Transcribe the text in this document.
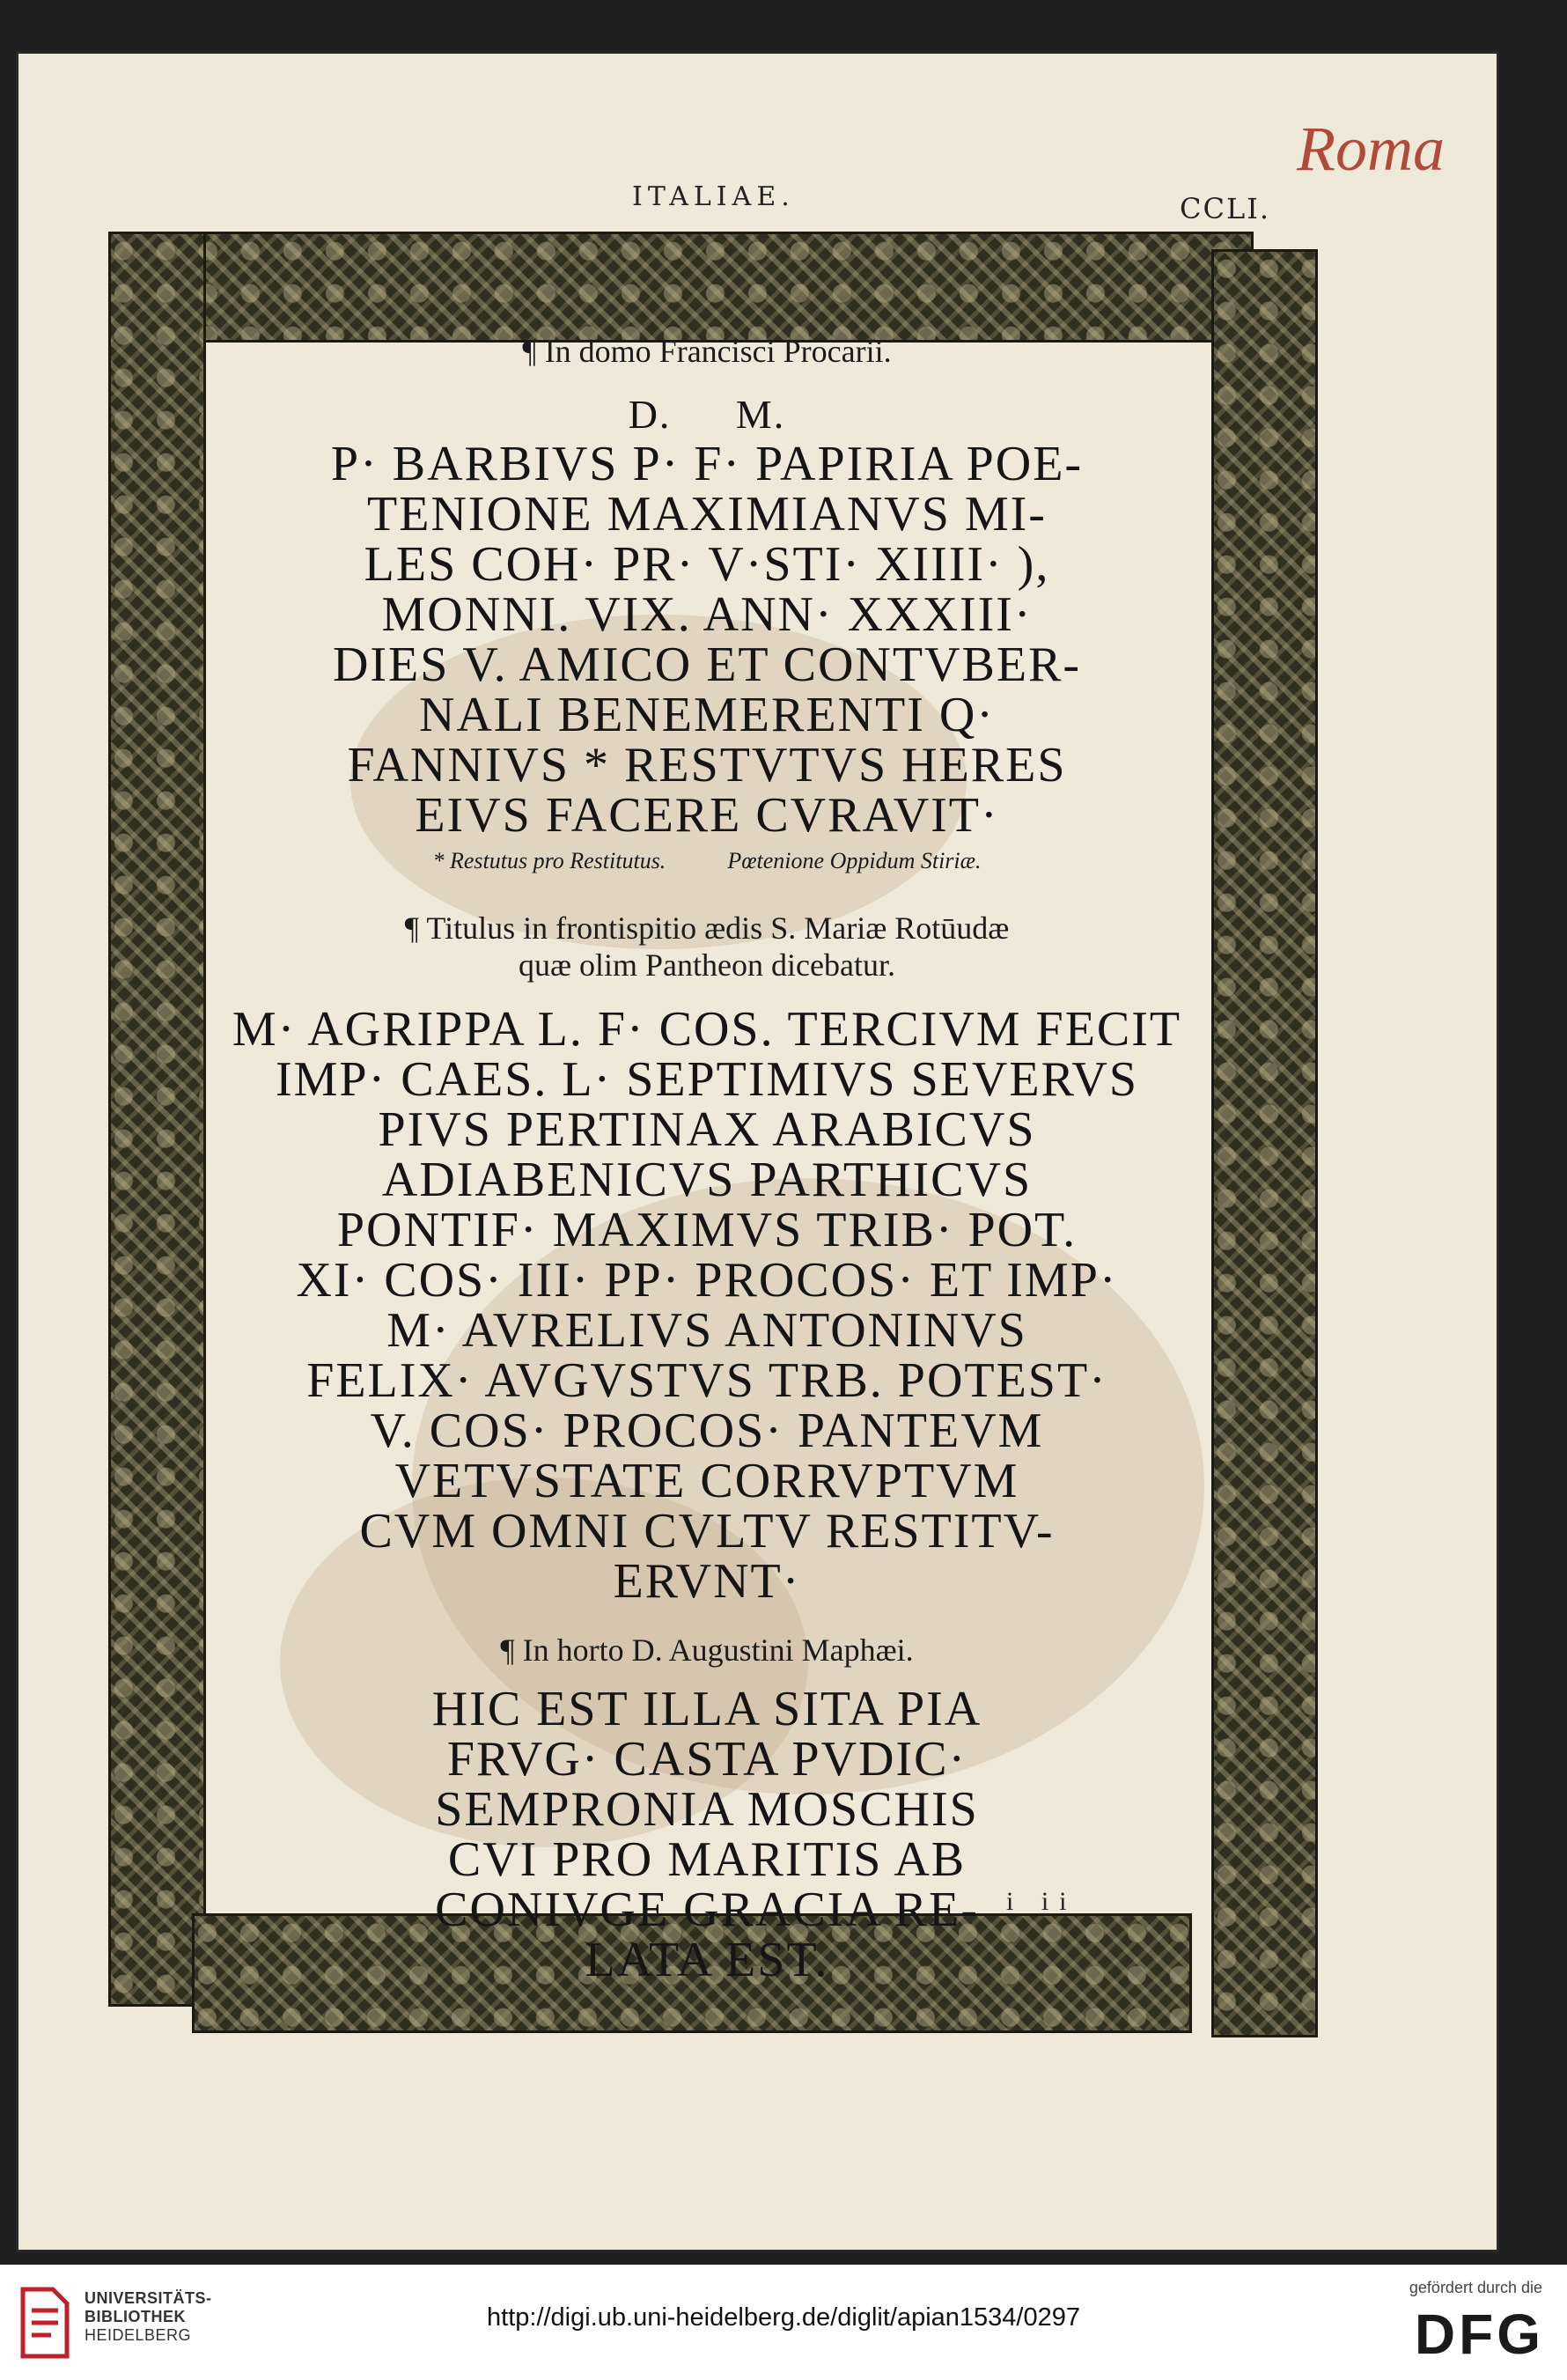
ITALIAE.	CCLI.
Roma

¶ In domo Francisci Procarii.

D. M.

P· BARBIVS P· F· PAPIRIA POE-

TENIONE MAXIMIANVS MI-

LES COH· PR· V·STI· XIIII· ),

MONNI. VIX. ANN· XXXIII·

DIES V. AMICO ET CONTVBER-

NALI BENEMERENTI Q·

FANNIVS * RESTVTVS HERES

EIVS FACERE CVRAVIT·

* Restutus pro Restitutus.	Pœtenione Oppidum Stiriæ.

¶ Titulus in frontispitio ædis S. Mariæ Rotūudæ

quæ olim Pantheon dicebatur.

M· AGRIPPA L. F· COS. TERCIVM FECIT

IMP· CAES. L· SEPTIMIVS SEVERVS

PIVS PERTINAX ARABICVS

ADIABENICVS PARTHICVS

PONTIF· MAXIMVS TRIB· POT.

XI· COS· III· PP· PROCOS· ET IMP·

M· AVRELIVS ANTONINVS

FELIX· AVGVSTVS TRB. POTEST·

V. COS· PROCOS· PANTEVM

VETVSTATE CORRVPTVM

CVM OMNI CVLTV RESTITV-

ERVNT·

¶ In horto D. Augustini Maphæi.

HIC EST ILLA SITA PIA

FRVG· CASTA PVDIC·

SEMPRONIA MOSCHIS

CVI PRO MARITIS AB

CONIVGE GRACIA RE-

LATA EST.

i ii
UNIVERSITÄTS-
BIBLIOTHEK
HEIDELBERG
http://digi.ub.uni-heidelberg.de/diglit/apian1534/0297
gefördert durch die
DFG
